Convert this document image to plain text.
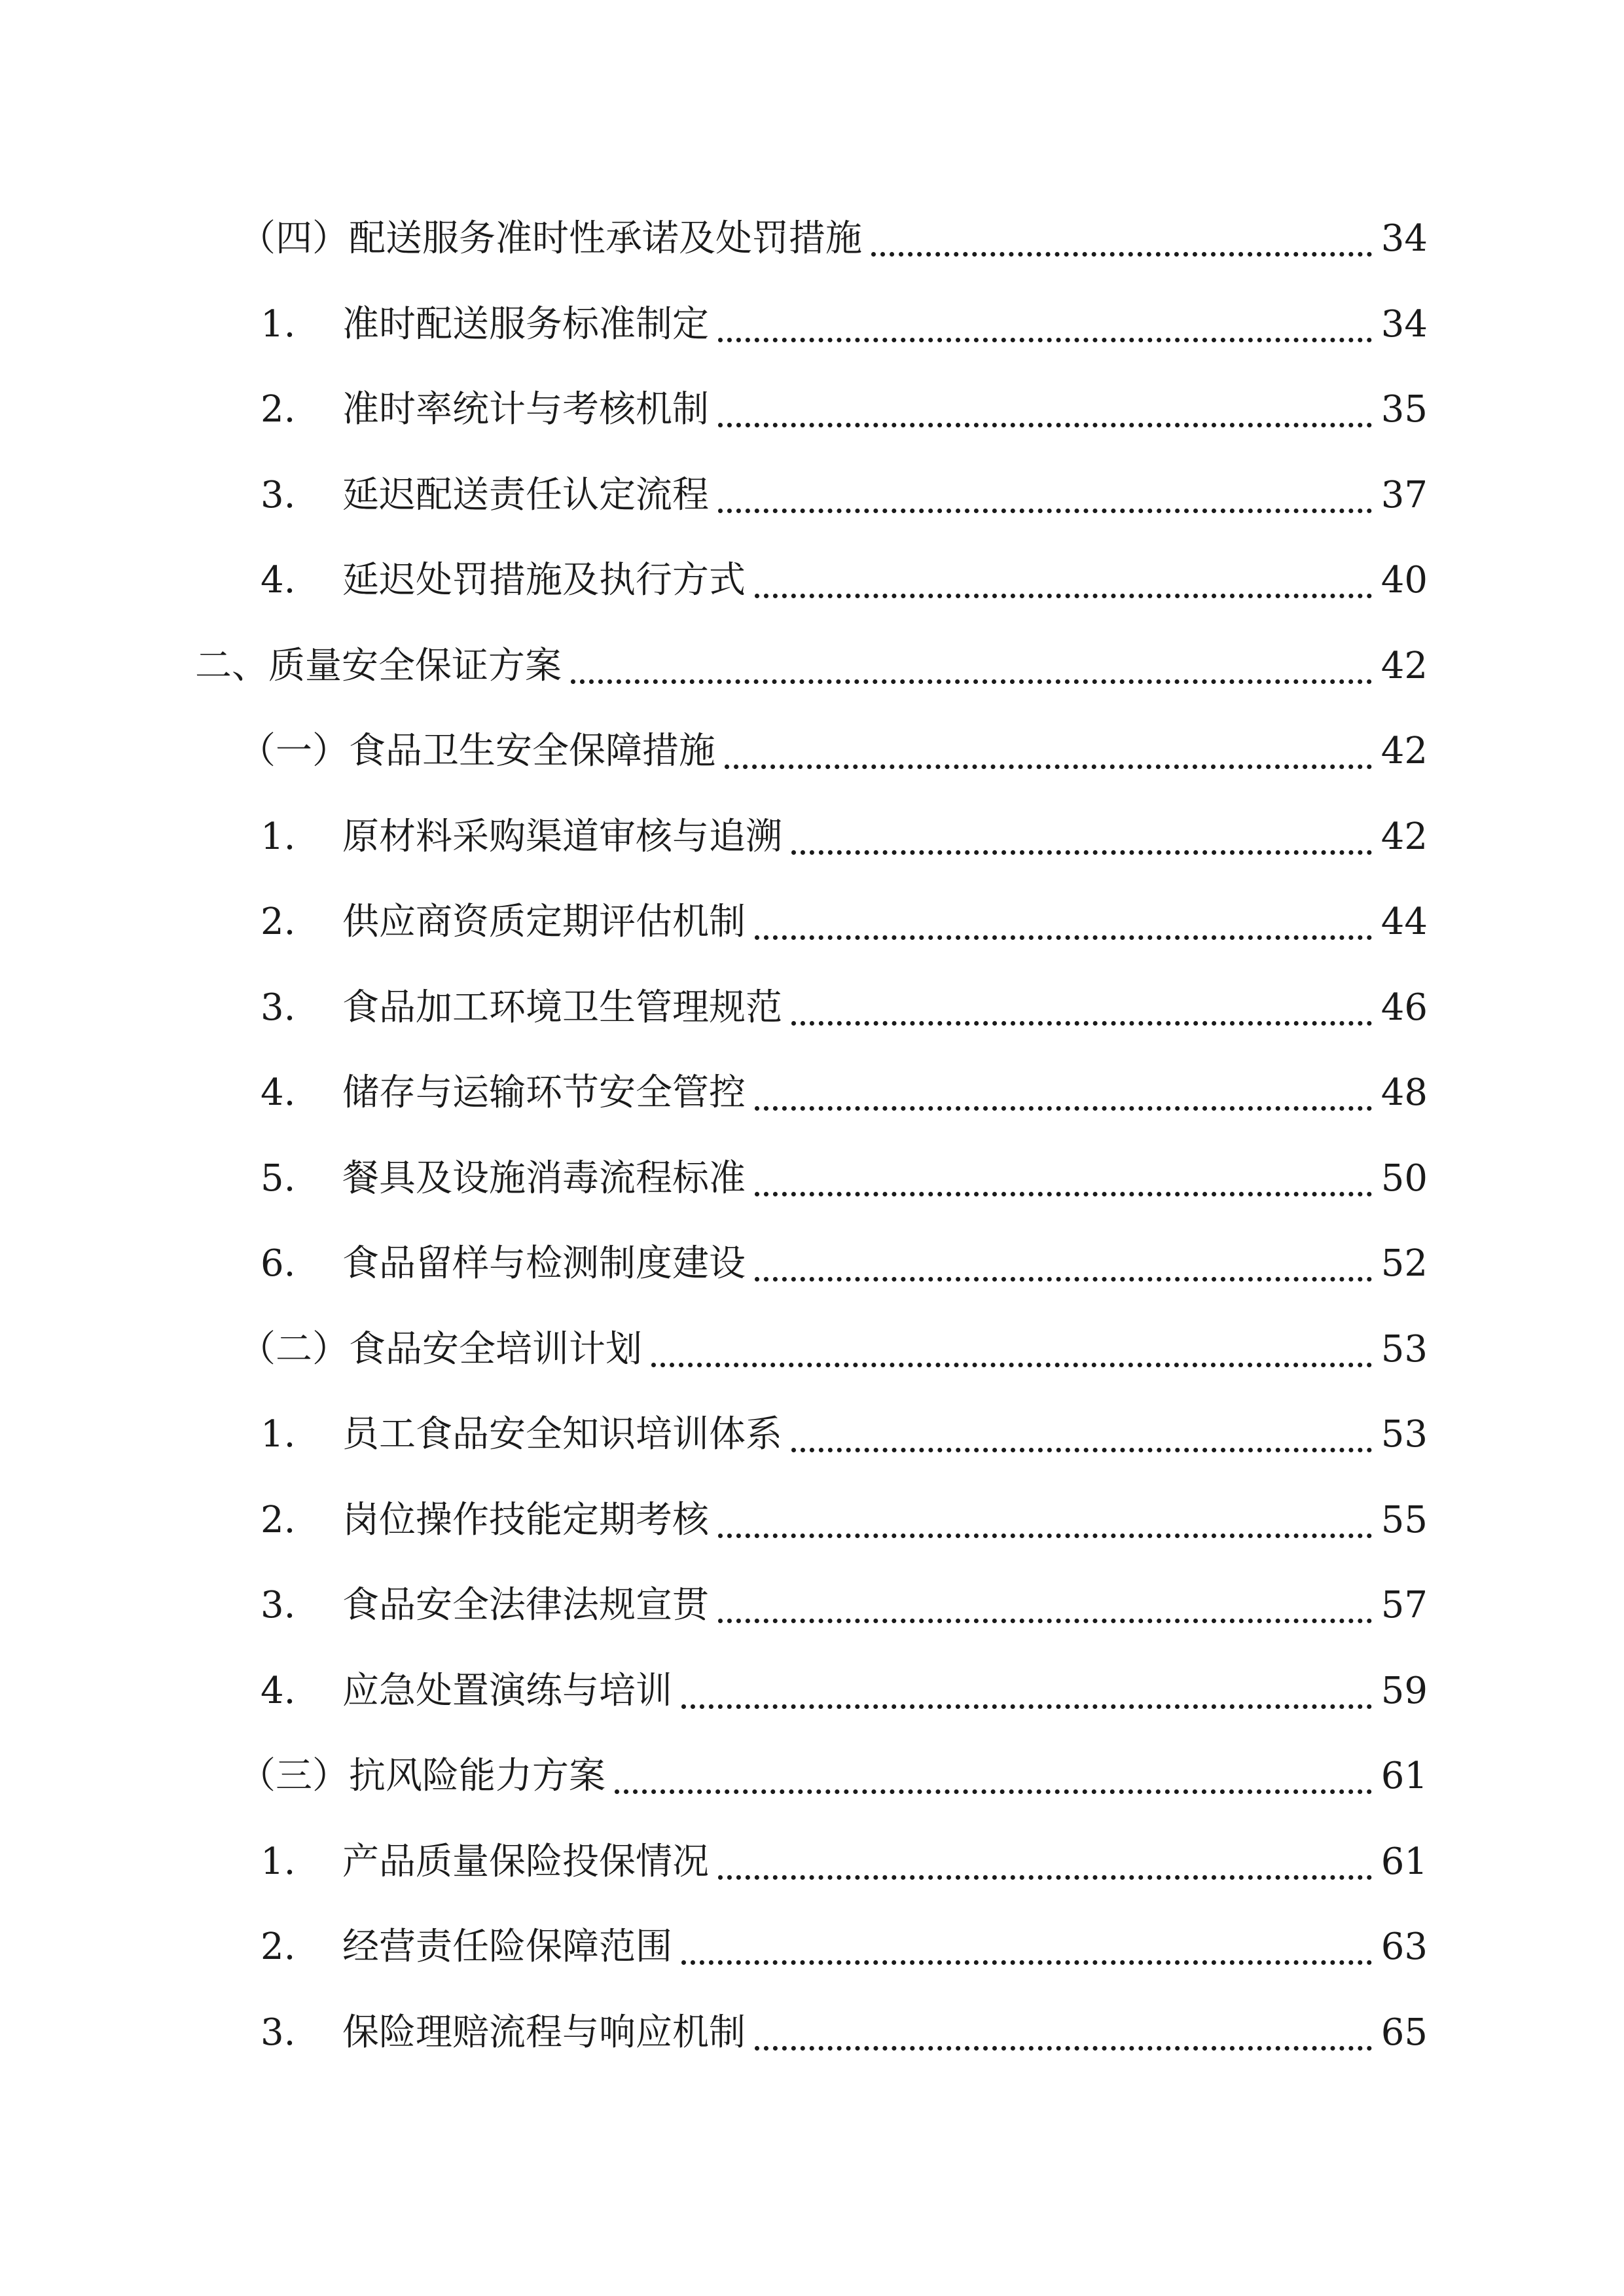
（四）配送服务准时性承诺及处罚措施	34
1. 准时配送服务标准制定	34
2. 准时率统计与考核机制	35
3. 延迟配送责任认定流程	37
4. 延迟处罚措施及执行方式	40
二、质量安全保证方案	42
（一）食品卫生安全保障措施	42
1. 原材料采购渠道审核与追溯	42
2. 供应商资质定期评估机制	44
3. 食品加工环境卫生管理规范	46
4. 储存与运输环节安全管控	48
5. 餐具及设施消毒流程标准	50
6. 食品留样与检测制度建设	52
（二）食品安全培训计划	53
1. 员工食品安全知识培训体系	53
2. 岗位操作技能定期考核	55
3. 食品安全法律法规宣贯	57
4. 应急处置演练与培训	59
（三）抗风险能力方案	61
1. 产品质量保险投保情况	61
2. 经营责任险保障范围	63
3. 保险理赔流程与响应机制	65
